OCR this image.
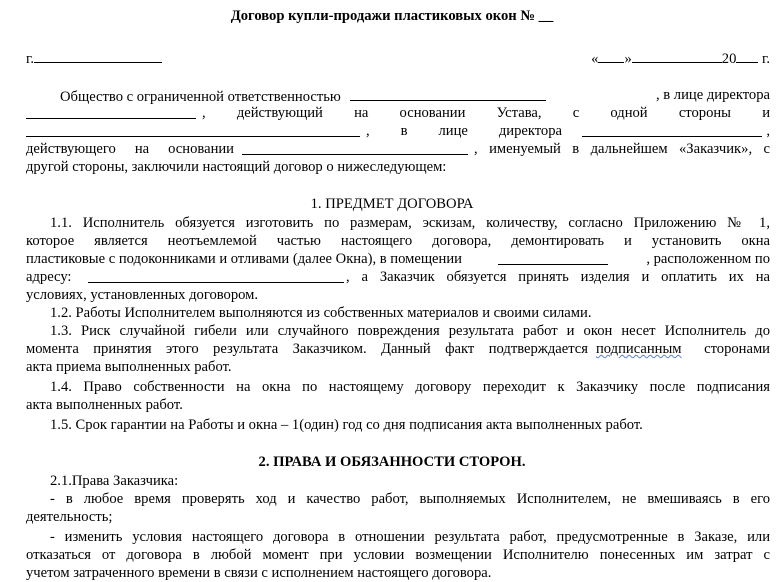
Договор купли-продажи пластиковых окон № __
г.	« »	20 г.
Общество с ограниченной ответственностью	, в лице директора
, действующий на основании Устава, с одной стороны и
, в лице директора	,
действующего на основании	, именуемый в дальнейшем «Заказчик», с
другой стороны, заключили настоящий договор о нижеследующем:
1. ПРЕДМЕТ ДОГОВОРА
1.1. Исполнитель обязуется изготовить по размерам, эскизам, количеству, согласно Приложению № 1,
которое является неотъемлемой частью настоящего договора, демонтировать и установить окна
пластиковые с подоконниками и отливами (далее Окна), в помещении	, расположенном по
адресу:	, а Заказчик обязуется принять изделия и оплатить их на
условиях, установленных договором.
1.2. Работы Исполнителем выполняются из собственных материалов и своими силами.
1.3. Риск случайной гибели или случайного повреждения результата работ и окон несет Исполнитель до
момента принятия этого результата Заказчиком. Данный факт подтверждается подписанным сторонами
акта приема выполненных работ.
1.4. Право собственности на окна по настоящему договору переходит к Заказчику после подписания
акта выполненных работ.
1.5. Срок гарантии на Работы и окна – 1(один) год со дня подписания акта выполненных работ.
2. ПРАВА И ОБЯЗАННОСТИ СТОРОН.
2.1.Права Заказчика:
- в любое время проверять ход и качество работ, выполняемых Исполнителем, не вмешиваясь в его
деятельность;
- изменить условия настоящего договора в отношении результата работ, предусмотренные в Заказе, или
отказаться от договора в любой момент при условии возмещении Исполнителю понесенных им затрат с
учетом затраченного времени в связи с исполнением настоящего договора.
